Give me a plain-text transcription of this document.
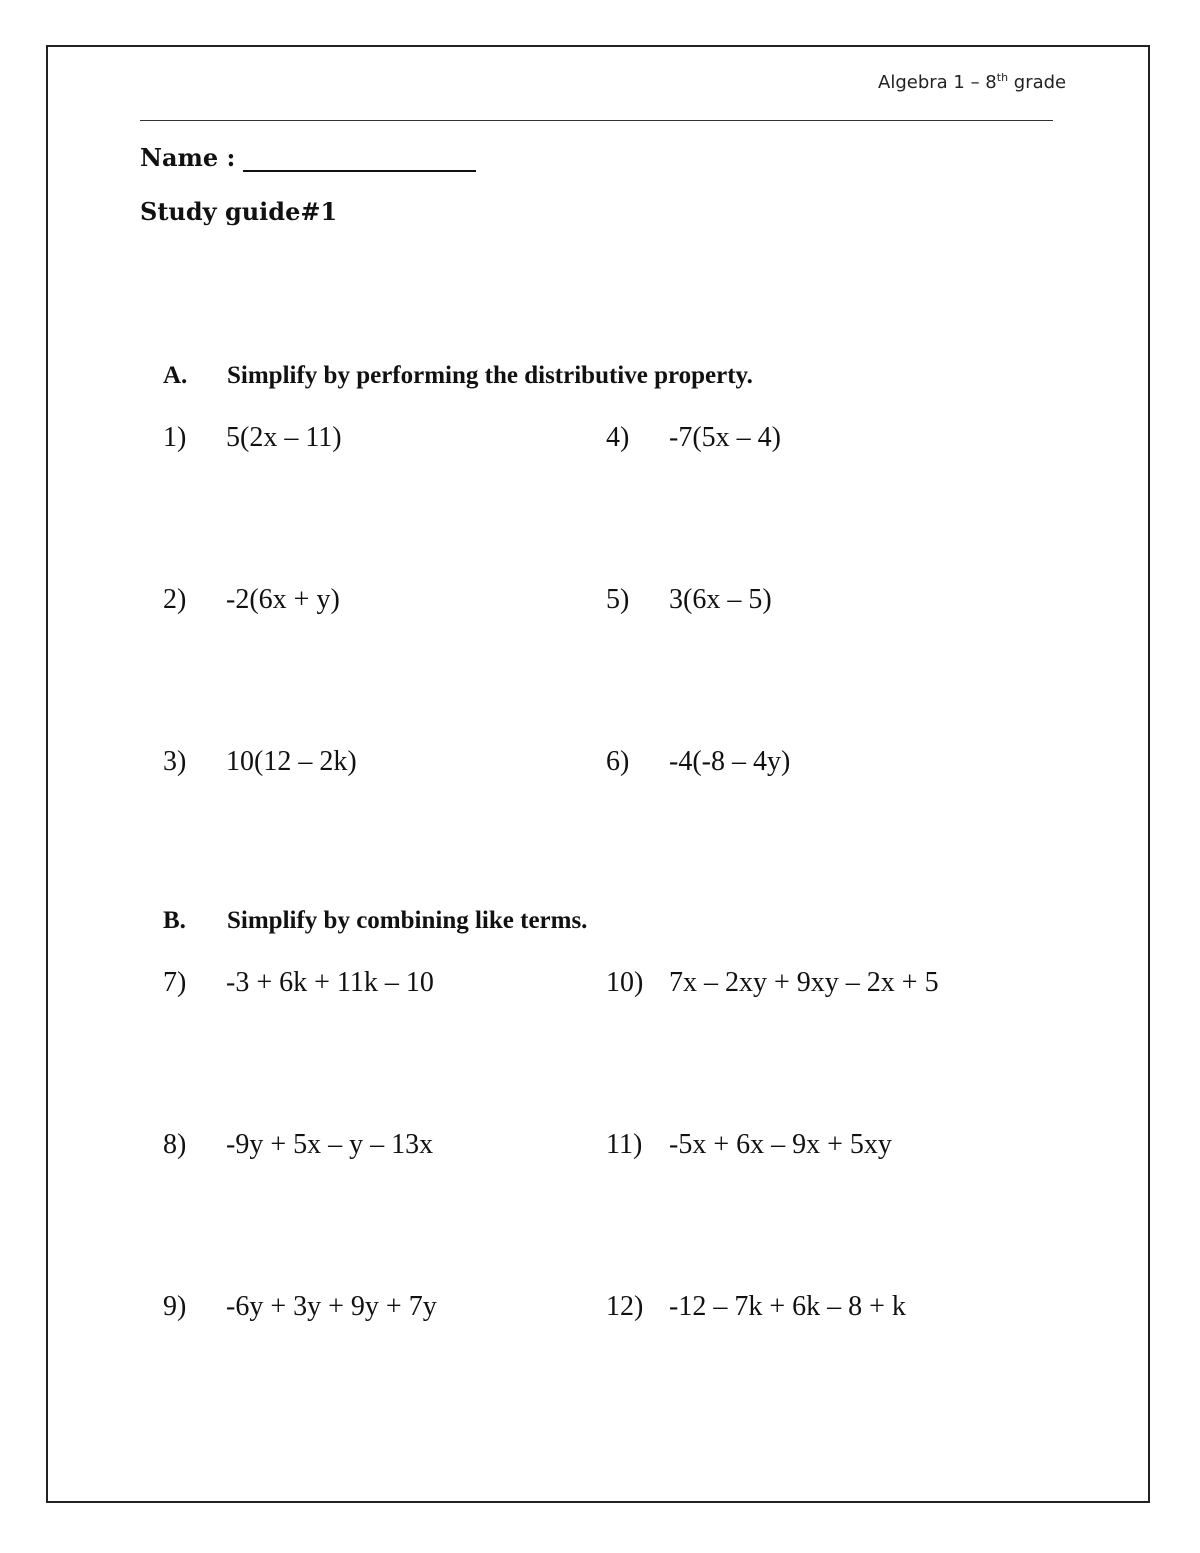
Algebra 1 – 8th grade
Name :
Study guide#1
A. Simplify by performing the distributive property.
1) 5(2x – 11)
2) -2(6x + y)
3) 10(12 – 2k)
4) -7(5x – 4)
5) 3(6x – 5)
6) -4(-8 – 4y)
B. Simplify by combining like terms.
7) -3 + 6k + 11k – 10
8) -9y + 5x – y – 13x
9) -6y + 3y + 9y + 7y
10) 7x – 2xy + 9xy – 2x + 5
11) -5x + 6x – 9x + 5xy
12) -12 – 7k + 6k – 8 + k
